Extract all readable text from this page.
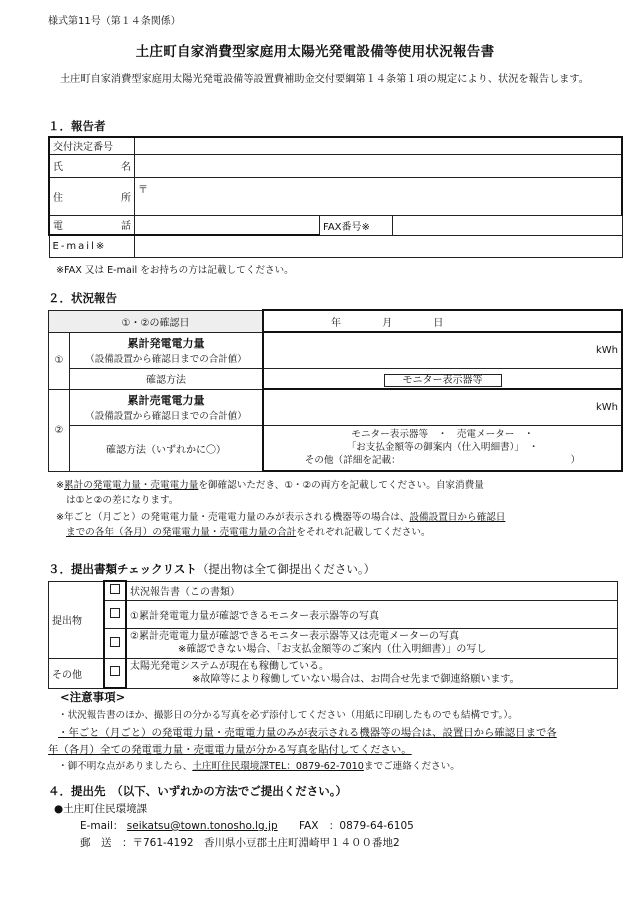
様式第11号（第１４条関係）
土庄町自家消費型家庭用太陽光発電設備等使用状況報告書
土庄町自家消費型家庭用太陽光発電設備等設置費補助金交付要綱第１４条第１項の規定により、状況を報告します。
１．報告者
交付決定番号			

氏 名			

住 所	〒		

電 話		FAX番号※	
E-mail※			
※FAX 又は E-mail をお持ちの方は記載してください。
２．状況報告
①・②の確認日		年 月 日
①	累計発電電力量
（設備設置から確認日までの合計値）	kWh
	確認方法	モニター表示器等
②	累計売電電力量
（設備設置から確認日までの合計値）	kWh
	確認方法（いずれかに〇）	モニター表示器等　・　売電メーター　・
「お支払金額等の御案内（仕入明細書）」　・
その他（詳細を記載： ）
※累計の発電電力量・売電電力量を御確認いただき、①・②の両方を記載してください。自家消費量
は①と②の差になります。
※年ごと（月ごと）の発電電力量・売電電力量のみが表示される機器等の場合は、設備設置日から確認日
までの各年（各月）の発電電力量・売電電力量の合計をそれぞれ記載してください。
３．提出書類チェックリスト（提出物は全て御提出ください。）
提出物		状況報告書（この書類）
		①累計発電電力量が確認できるモニター表示器等の写真

		②累計売電電力量が確認できるモニター表示器等又は売電メーターの写真
※確認できない場合、「お支払金額等のご案内（仕入明細書）」の写し

その他		太陽光発電システムが現在も稼働している。
※故障等により稼働していない場合は、お問合せ先まで御連絡願います。
<注意事項>
・状況報告書のほか、撮影日の分かる写真を必ず添付してください（用紙に印刷したものでも結構です。）。
・年ごと（月ごと）の発電電力量・売電電力量のみが表示される機器等の場合は、設置日から確認日まで各
年（各月）全ての発電電力量・売電電力量が分かる写真を貼付してください。
・御不明な点がありましたら、土庄町住民環境課TEL：0879-62-7010までご連絡ください。
４．提出先　（以下、いずれかの方法でご提出ください。）
●土庄町住民環境課
E-mail： seikatsu@town.tonosho.lg.jp FAX　：0879-64-6105
郵　送　：〒761-4192　香川県小豆郡土庄町淵崎甲１４００番地2
